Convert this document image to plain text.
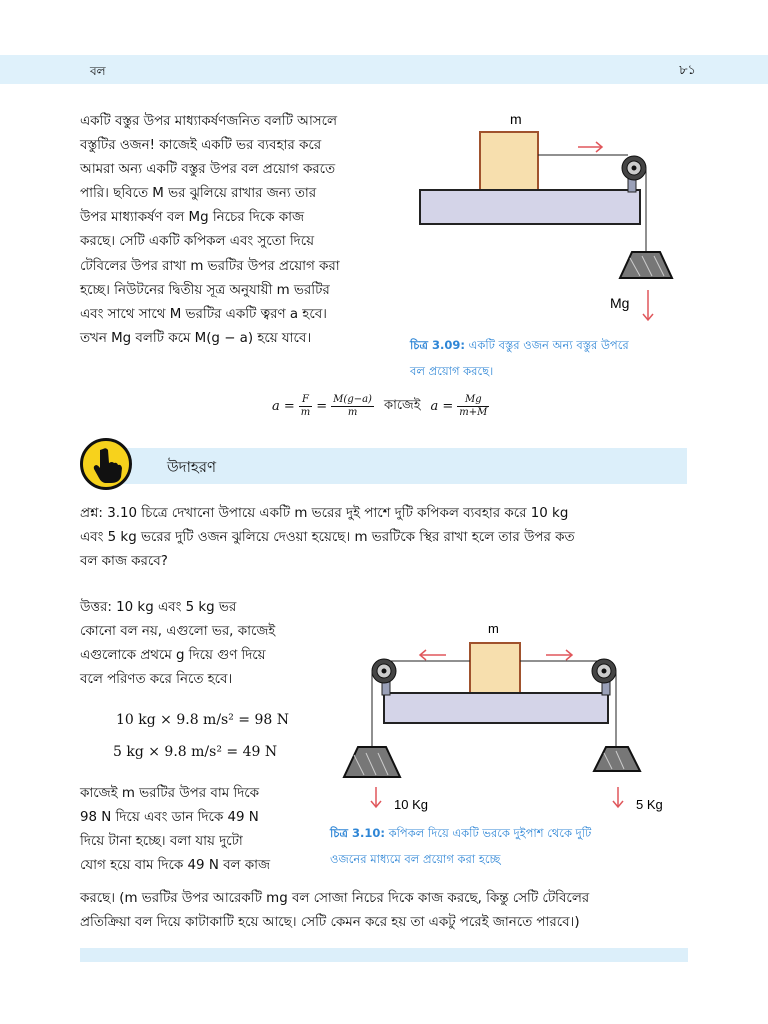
বল	৮১
একটি বস্তুর উপর মাধ্যাকর্ষণজনিত বলটি আসলে
বস্তুটির ওজন! কাজেই একটি ভর ব্যবহার করে
আমরা অন্য একটি বস্তুর উপর বল প্রয়োগ করতে
পারি। ছবিতে M ভর ঝুলিয়ে রাখার জন্য তার
উপর মাধ্যাকর্ষণ বল Mg নিচের দিকে কাজ
করছে। সেটি একটি কপিকল এবং সুতো দিয়ে
টেবিলের উপর রাখা m ভরটির উপর প্রয়োগ করা
হচ্ছে। নিউটনের দ্বিতীয় সূত্র অনুযায়ী m ভরটির
এবং সাথে সাথে M ভরটির একটি ত্বরণ a হবে।
তখন Mg বলটি কমে M(g − a) হয়ে যাবে।
m
Mg
চিত্র 3.09: একটি বস্তুর ওজন অন্য বস্তুর উপরে
বল প্রয়োগ করছে।
$a = \frac{F}{m} = \frac{M(g-a)}{m}$ কাজেই $a = \frac{Mg}{m+M}$
উদাহরণ
প্রশ্ন: 3.10 চিত্রে দেখানো উপায়ে একটি m ভরের দুই পাশে দুটি কপিকল ব্যবহার করে 10 kg
এবং 5 kg ভরের দুটি ওজন ঝুলিয়ে দেওয়া হয়েছে। m ভরটিকে স্থির রাখা হলে তার উপর কত
বল কাজ করবে?
উত্তর: 10 kg এবং 5 kg ভর
কোনো বল নয়, এগুলো ভর, কাজেই
এগুলোকে প্রথমে g দিয়ে গুণ দিয়ে
বলে পরিণত করে নিতে হবে।
10 kg × 9.8 m/s² = 98 N
5 kg × 9.8 m/s² = 49 N
কাজেই m ভরটির উপর বাম দিকে
98 N দিয়ে এবং ডান দিকে 49 N
দিয়ে টানা হচ্ছে। বলা যায় দুটো
যোগ হয়ে বাম দিকে 49 N বল কাজ
করছে। (m ভরটির উপর আরেকটি mg বল সোজা নিচের দিকে কাজ করছে, কিন্তু সেটি টেবিলের
প্রতিক্রিয়া বল দিয়ে কাটাকাটি হয়ে আছে। সেটি কেমন করে হয় তা একটু পরেই জানতে পারবে।)
m
10 Kg	5 Kg
চিত্র 3.10: কপিকল দিয়ে একটি ভরকে দুইপাশ থেকে দুটি
ওজনের মাধ্যমে বল প্রয়োগ করা হচ্ছে
